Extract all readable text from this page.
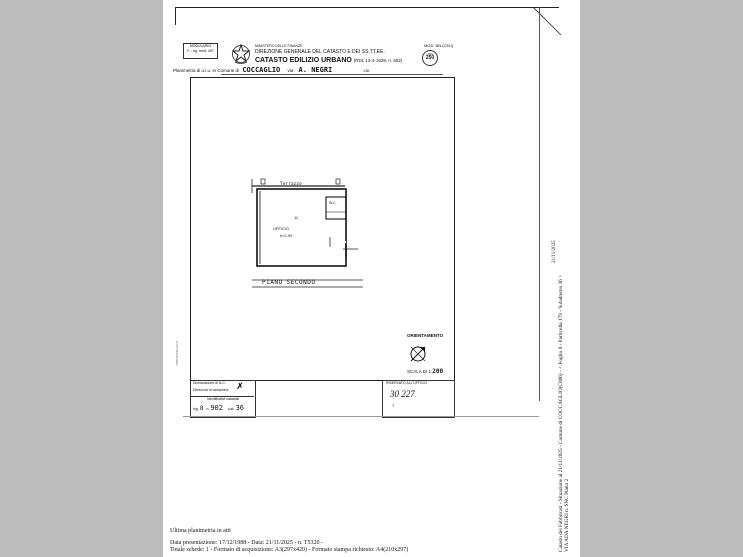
MODULARIO
F. - rig. rend. 497
MINISTERO DELLE FINANZE
DIREZIONE GENERALE DEL CATASTO E DEI SS.TT.EE.
CATASTO EDILIZIO URBANO (RDL 13-4-1939, n. 652)
MOD. BN (CEU)
LIRE
250
Planimetria di u.i.u. in Comune di COCCAGLIO via A. NEGRI	civ.
Terrazzo
11
UFFICIO
h=2.90
W.C.
PIANO SECONDO
ORIENTAMENTO
SCALA DI 1:200
PROTOCOLLO N. ...
Dichiarazione di N.C.
Denuncia di variazione ✗
Identificativi catastali
fog. 8 n. 902 sub. 36
RISERVATO ALL'UFFICIO
30 227
7
21/11/2025
Catasto dei Fabbricati - Situazione al 21/11/2025 - Comune di COCCAGLIO(C806) - < Foglio 8 - Particella 179 - Subalterno 36 > VIA ADA NEGRI n. SNC Piano 2
Ultima planimetria in atti
Data presentazione: 17/12/1988 - Data: 21/11/2025 - n. T5320 -
Totale schede: 1 - Formato di acquisizione: A3(297x420) - Formato stampa richiesto: A4(210x297)
